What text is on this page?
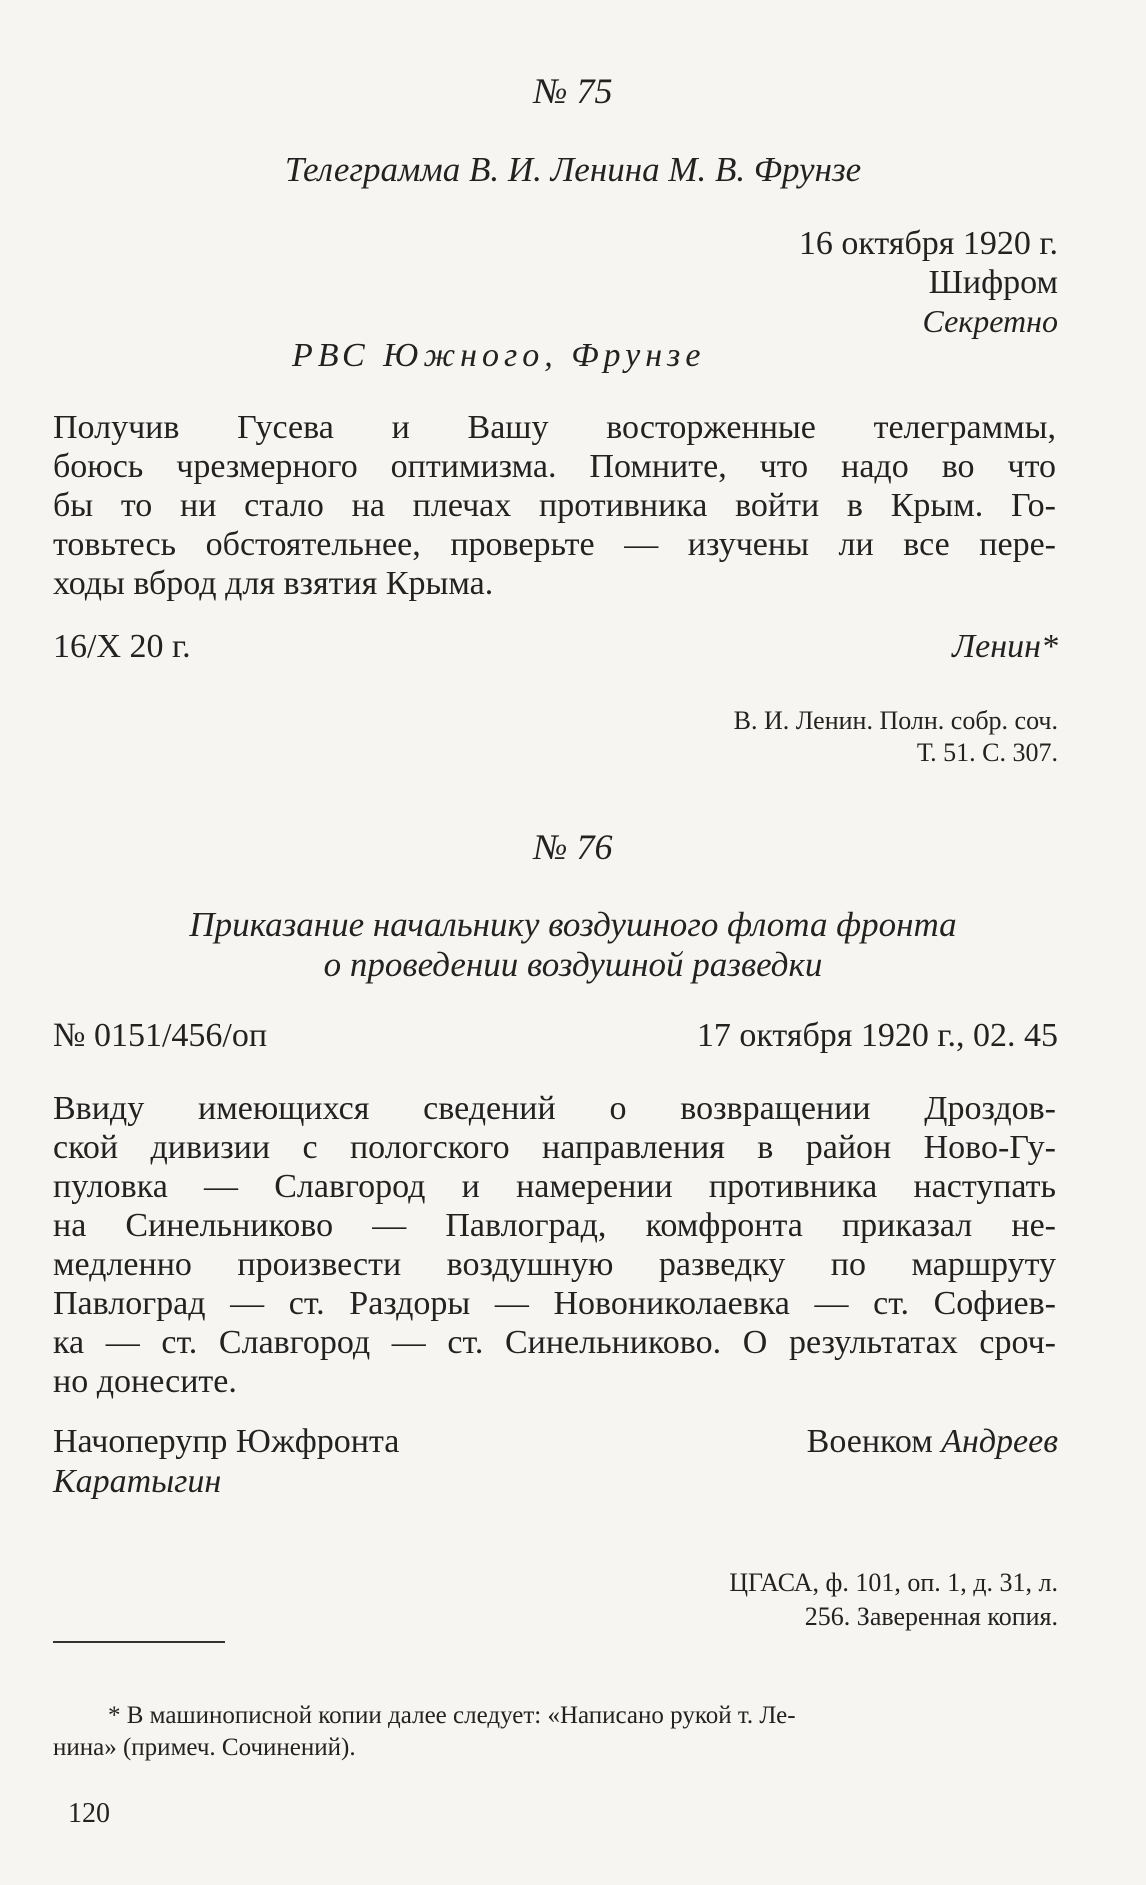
№ 75
Телеграмма В. И. Ленина М. В. Фрунзе
16 октября 1920 г.
Шифром
Секретно
РВС Южного, Фрунзе
Получив Гусева и Вашу восторженные телеграммы,
боюсь чрезмерного оптимизма. Помните, что надо во что
бы то ни стало на плечах противника войти в Крым. Го-
товьтесь обстоятельнее, проверьте — изучены ли все пере-
ходы вброд для взятия Крыма.
16/X 20 г.	Ленин*
В. И. Ленин. Полн. собр. соч.
Т. 51. С. 307.
№ 76
Приказание начальнику воздушного флота фронта
о проведении воздушной разведки
№ 0151/456/оп	17 октября 1920 г., 02. 45
Ввиду имеющихся сведений о возвращении Дроздов-
ской дивизии с пологского направления в район Ново-Гу-
пуловка — Славгород и намерении противника наступать
на Синельниково — Павлоград, комфронта приказал не-
медленно произвести воздушную разведку по маршруту
Павлоград — ст. Раздоры — Новониколаевка — ст. Софиев-
ка — ст. Славгород — ст. Синельниково. О результатах сроч-
но донесите.
Начоперупр Южфронта
Каратыгин
Военком Андреев
ЦГАСА, ф. 101, оп. 1, д. 31, л.
256. Заверенная копия.
* В машинописной копии далее следует: «Написано рукой т. Ле-
нина» (примеч. Сочинений).
120
